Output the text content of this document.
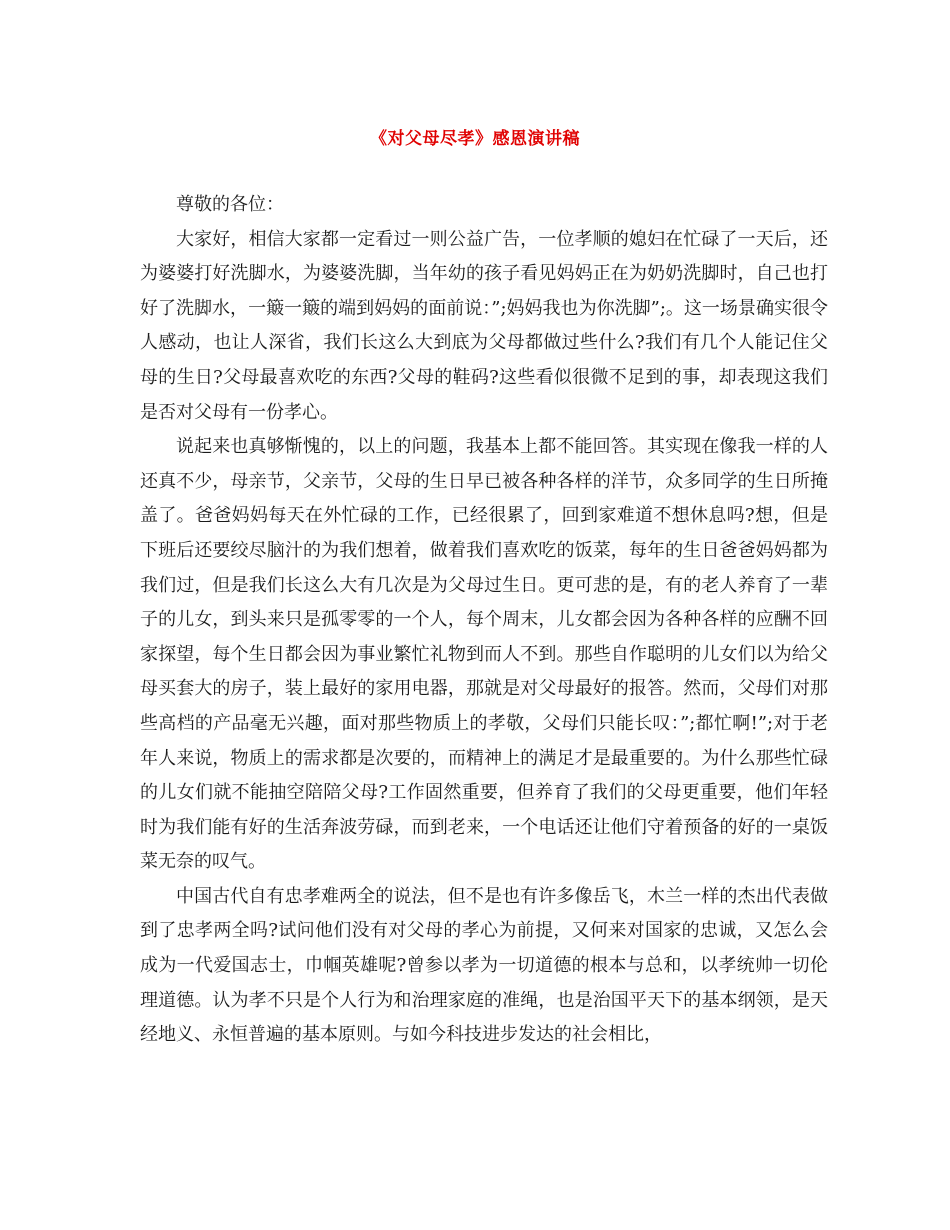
《对父母尽孝》感恩演讲稿

尊敬的各位：

大家好，相信大家都一定看过一则公益广告，一位孝顺的媳妇在忙碌了一天后，还为婆婆打好洗脚水，为婆婆洗脚，当年幼的孩子看见妈妈正在为奶奶洗脚时，自己也打好了洗脚水，一簸一簸的端到妈妈的面前说：”;妈妈我也为你洗脚”;。这一场景确实很令人感动，也让人深省，我们长这么大到底为父母都做过些什么?我们有几个人能记住父母的生日?父母最喜欢吃的东西?父母的鞋码?这些看似很微不足到的事，却表现这我们是否对父母有一份孝心。

说起来也真够惭愧的，以上的问题，我基本上都不能回答。其实现在像我一样的人还真不少，母亲节，父亲节，父母的生日早已被各种各样的洋节，众多同学的生日所掩盖了。爸爸妈妈每天在外忙碌的工作，已经很累了，回到家难道不想休息吗?想，但是下班后还要绞尽脑汁的为我们想着，做着我们喜欢吃的饭菜，每年的生日爸爸妈妈都为我们过，但是我们长这么大有几次是为父母过生日。更可悲的是，有的老人养育了一辈子的儿女，到头来只是孤零零的一个人，每个周末，儿女都会因为各种各样的应酬不回家探望，每个生日都会因为事业繁忙礼物到而人不到。那些自作聪明的儿女们以为给父母买套大的房子，装上最好的家用电器，那就是对父母最好的报答。然而，父母们对那些高档的产品毫无兴趣，面对那些物质上的孝敬，父母们只能长叹：”;都忙啊!”;对于老年人来说，物质上的需求都是次要的，而精神上的满足才是最重要的。为什么那些忙碌的儿女们就不能抽空陪陪父母?工作固然重要，但养育了我们的父母更重要，他们年轻时为我们能有好的生活奔波劳碌，而到老来，一个电话还让他们守着预备的好的一桌饭菜无奈的叹气。

中国古代自有忠孝难两全的说法，但不是也有许多像岳飞，木兰一样的杰出代表做到了忠孝两全吗?试问他们没有对父母的孝心为前提，又何来对国家的忠诚，又怎么会成为一代爱国志士，巾帼英雄呢?曾参以孝为一切道德的根本与总和，以孝统帅一切伦理道德。认为孝不只是个人行为和治理家庭的准绳，也是治国平天下的基本纲领，是天经地义、永恒普遍的基本原则。与如今科技进步发达的社会相比，
